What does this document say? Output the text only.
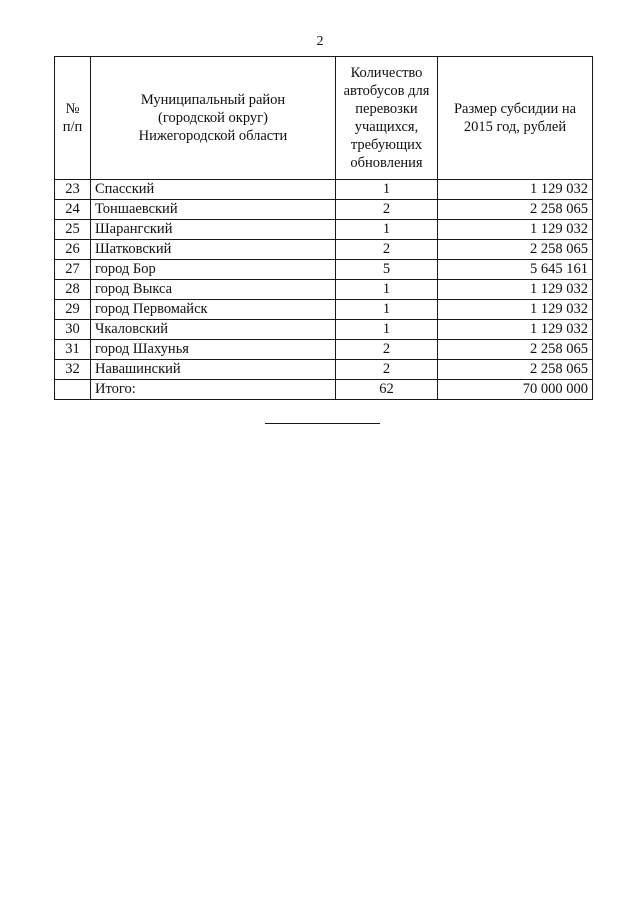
2
№ п/п	Муниципальный район (городской округ) Нижегородской области	Количество автобусов для перевозки учащихся, требующих обновления	Размер субсидии на 2015 год, рублей

23	Спасский	1	1 129 032
24	Тоншаевский	2	2 258 065
25	Шарангский	1	1 129 032
26	Шатковский	2	2 258 065
27	город Бор	5	5 645 161
28	город Выкса	1	1 129 032
29	город Первомайск	1	1 129 032
30	Чкаловский	1	1 129 032
31	город Шахунья	2	2 258 065
32	Навашинский	2	2 258 065
	Итого:	62	70 000 000
